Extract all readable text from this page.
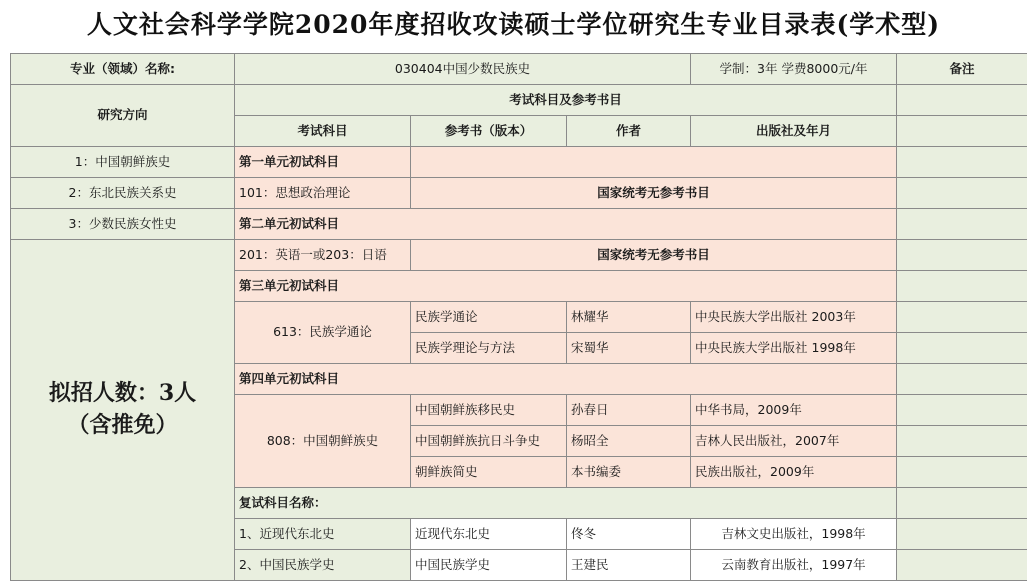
人文社会科学学院2020年度招收攻读硕士学位研究生专业目录表(学术型)
专业（领域）名称:	030404中国少数民族史			学制：3年 学费8000元/年	备注
研究方向	考试科目及参考书目				
	考试科目	参考书（版本）	作者	出版社及年月	
1：中国朝鲜族史	第一单元初试科目				
2：东北民族关系史	101：思想政治理论	国家统考无参考书目			
3：少数民族女性史	第二单元初试科目				

拟招人数：3人
（含推免）	201：英语一或203：日语	国家统考无参考书目			
	第三单元初试科目				
	613：民族学通论	民族学通论	林耀华	中央民族大学出版社 2003年	
		民族学理论与方法	宋蜀华	中央民族大学出版社 1998年	
	第四单元初试科目				
	808：中国朝鲜族史	中国朝鲜族移民史	孙春日	中华书局，2009年	
		中国朝鲜族抗日斗争史	杨昭全	吉林人民出版社，2007年	
		朝鲜族简史	本书编委	民族出版社，2009年	
	复试科目名称：				
	1、近现代东北史	近现代东北史	佟冬	吉林文史出版社，1998年	
	2、中国民族学史	中国民族学史	王建民	云南教育出版社，1997年	
